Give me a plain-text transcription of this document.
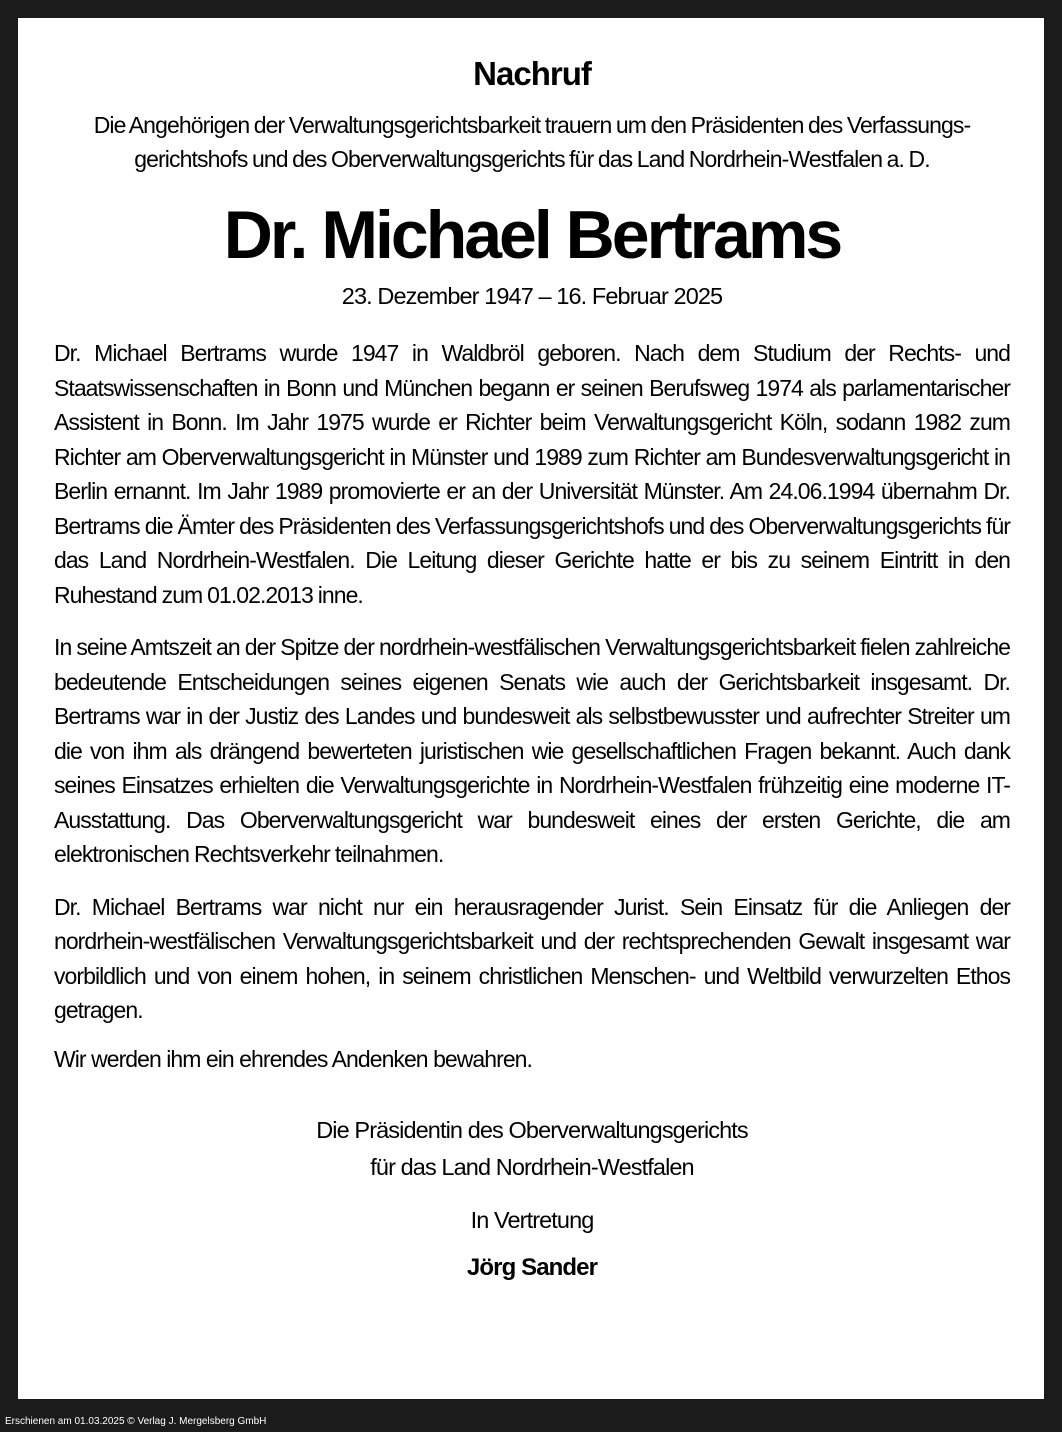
Nachruf
Die Angehörigen der Verwaltungsgerichtsbarkeit trauern um den Präsidenten des Verfassungs-
gerichtshofs und des Oberverwaltungsgerichts für das Land Nordrhein-Westfalen a. D.
Dr. Michael Bertrams
23. Dezember 1947 – 16. Februar 2025

Dr. Michael Bertrams wurde 1947 in Waldbröl geboren. Nach dem Studium der Rechts- und Staatswissenschaften in Bonn und München begann er seinen Berufsweg 1974 als parlamentarischer Assistent in Bonn. Im Jahr 1975 wurde er Richter beim Verwaltungsgericht Köln, sodann 1982 zum Richter am Oberverwaltungsgericht in Münster und 1989 zum Richter am Bundesverwaltungsgericht in Berlin ernannt. Im Jahr 1989 promovierte er an der Universität Münster. Am 24.06.1994 übernahm Dr. Bertrams die Ämter des Präsidenten des Verfassungsgerichtshofs und des Oberverwaltungsgerichts für das Land Nordrhein-Westfalen. Die Leitung dieser Gerichte hatte er bis zu seinem Eintritt in den Ruhestand zum 01.02.2013 inne.

In seine Amtszeit an der Spitze der nordrhein-westfälischen Verwaltungsgerichtsbarkeit fielen zahlreiche bedeutende Entscheidungen seines eigenen Senats wie auch der Gerichtsbarkeit insgesamt. Dr. Bertrams war in der Justiz des Landes und bundesweit als selbstbewusster und aufrechter Streiter um die von ihm als drängend bewerteten juristischen wie gesellschaftlichen Fragen bekannt. Auch dank seines Einsatzes erhielten die Verwaltungsgerichte in Nordrhein-Westfalen frühzeitig eine moderne IT-Ausstattung. Das Oberverwaltungsgericht war bundesweit eines der ersten Gerichte, die am elektronischen Rechtsverkehr teilnahmen.

Dr. Michael Bertrams war nicht nur ein herausragender Jurist. Sein Einsatz für die Anliegen der nordrhein-westfälischen Verwaltungsgerichtsbarkeit und der rechtsprechenden Gewalt insgesamt war vorbildlich und von einem hohen, in seinem christlichen Menschen- und Weltbild verwurzelten Ethos getragen.

Wir werden ihm ein ehrendes Andenken bewahren.

Die Präsidentin des Oberverwaltungsgerichts
für das Land Nordrhein-Westfalen
In Vertretung
Jörg Sander
Erschienen am 01.03.2025 © Verlag J. Mergelsberg GmbH
